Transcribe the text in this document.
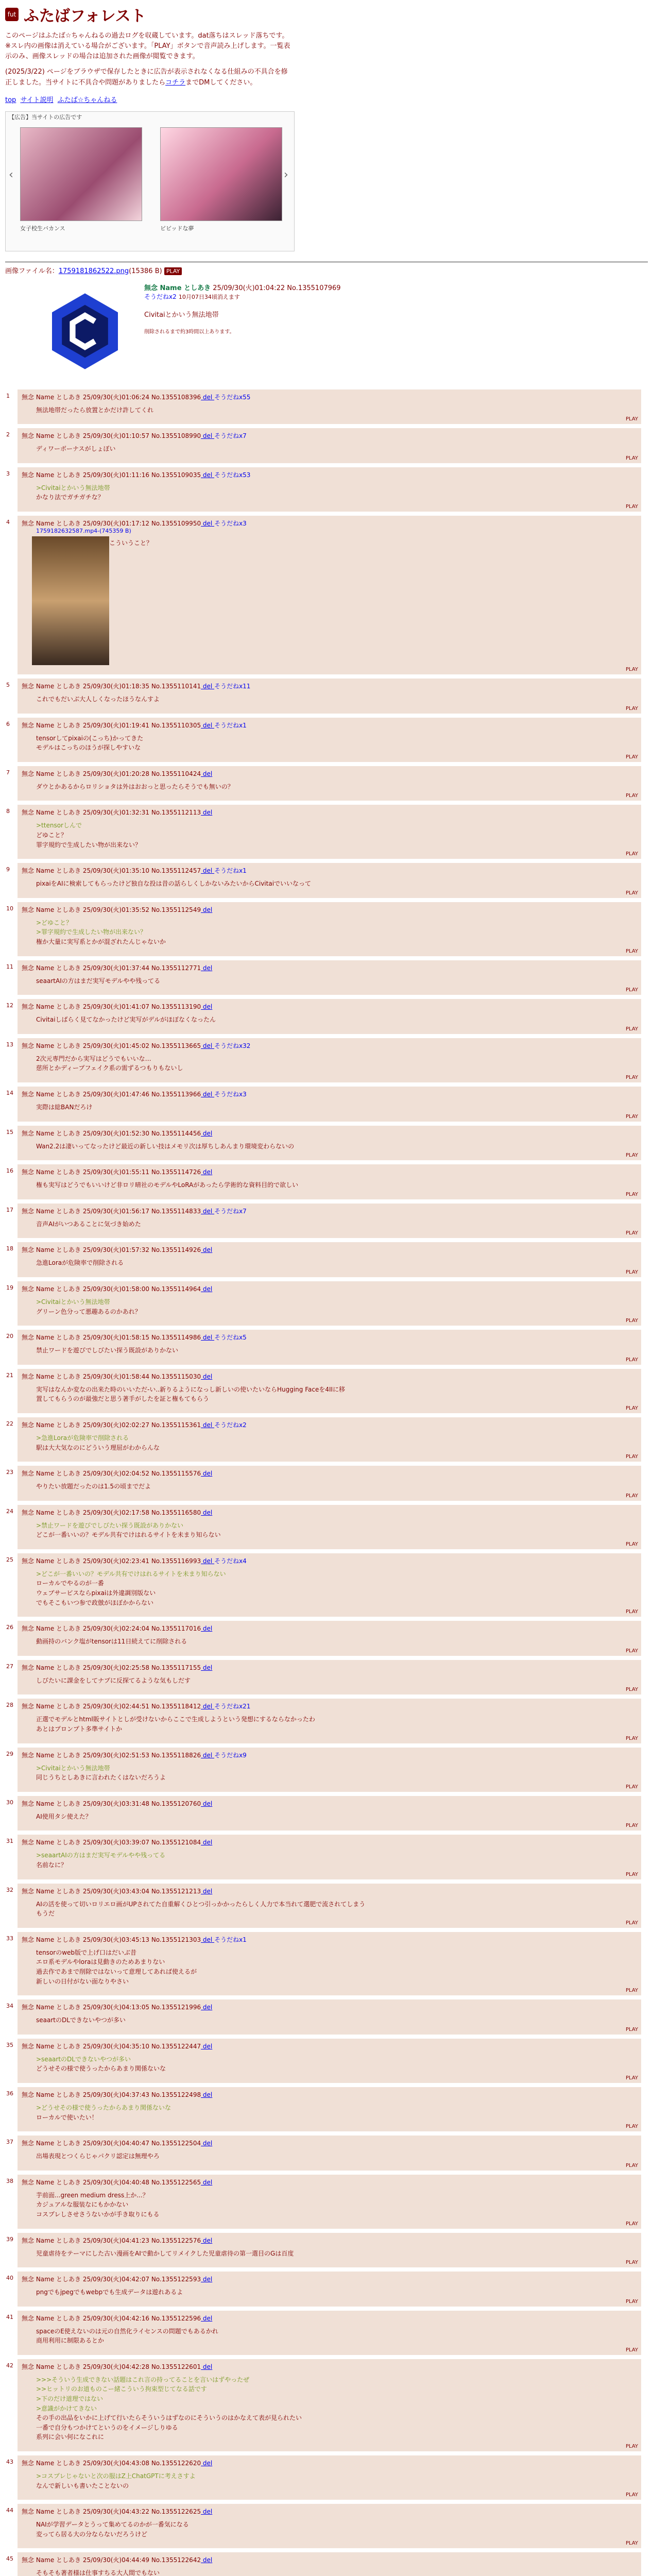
fut ふたばフォレスト
このページはふたば☆ちゃんねるの過去ログを収蔵しています。dat落ちはスレッド落ちです。※スレ内の画像は消えている場合がございます。「PLAY」ボタンで音声読み上げします。一覧表示のみ、画像スレッドの場合は追加された画像が閲覧できます。
(2025/3/22) ページをブラウザで保存したときに広告が表示されなくなる仕組みの不具合を修正しました。当サイトに不具合や問題がありましたらコチラまでDMしてください。
top サイト説明 ふたば☆ちゃんねる
【広告】当サイトの広告です
‹
女子校生バカンス	ビビッドな夢
›
画像ファイル名：1759181862522.png(15386 B) PLAY
無念 Name としあき 25/09/30(火)01:04:22 No.1355107969
そうだねx2 10月07日34頃消えます
Civitaiとかいう無法地帯
削除されるまで約3時間以上あります。
1 無念 Name としあき 25/09/30(火)01:06:24 No.1355108396 del そうだねx55
無法地帯だったら放置とかだけ許してくれ
PLAY
2 無念 Name としあき 25/09/30(火)01:10:57 No.1355108990 del そうだねx7
ディワーボーナスがしょぼい
PLAY
3 無念 Name としあき 25/09/30(火)01:11:16 No.1355109035 del そうだねx53
>Civitaiとかいう無法地帯
かなり法でガチガチな？
PLAY
4 無念 Name としあき 25/09/30(火)01:17:12 No.1355109950 del そうだねx3
1759182632587.mp4-(745359 B)
こういうこと？
PLAY
5 無念 Name としあき 25/09/30(火)01:18:35 No.1355110141 del そうだねx11
これでもだいぶ大人しくなったほうなんすよ
PLAY
6 無念 Name としあき 25/09/30(火)01:19:41 No.1355110305 del そうだねx1
tensorしてpixaiの(こっち)かってきた
モデルはこっちのほうが探しやすいな
PLAY
7 無念 Name としあき 25/09/30(火)01:20:28 No.1355110424 del
ダウとかあるからロリショタは外はおおっと思ったらそうでも無いの？
PLAY
8 無念 Name としあき 25/09/30(火)01:32:31 No.1355112113 del
>ttensorしんで
どゆこと？
罪字規約で生成したい物が出来ない？
PLAY
9 無念 Name としあき 25/09/30(火)01:35:10 No.1355112457 del そうだねx1
pixaiをAIに検索してもらったけど独自な投は昔の話らしくしかないみたいからCivitaiでいいなって
PLAY
10 無念 Name としあき 25/09/30(火)01:35:52 No.1355112549 del
>どゆこと？
>罪字規約で生成したい物が出来ない？
権か大量に実写系とかが混ざれたんじゃないか
PLAY
11 無念 Name としあき 25/09/30(火)01:37:44 No.1355112771 del
seaartAIの方はまだ実写モデルやや残ってる
PLAY
12 無念 Name としあき 25/09/30(火)01:41:07 No.1355113190 del
Civitaiしばらく見てなかったけど実写がデルがほぼなくなったん
PLAY
13 無念 Name としあき 25/09/30(火)01:45:02 No.1355113665 del そうだねx32
2次元専門だから実写はどうでもいいな…
慈所とかディープフェイク系の需ずるつもりもないし
PLAY
14 無念 Name としあき 25/09/30(火)01:47:46 No.1355113966 del そうだねx3
実際は総BANだろけ
PLAY
15 無念 Name としあき 25/09/30(火)01:52:30 No.1355114456 del
Wan2.2は凄いってなったけど最近の新しい技はメモリ次は厚ちしあんまり環境変わらないの
PLAY
16 無念 Name としあき 25/09/30(火)01:55:11 No.1355114726 del
権も実写はどうでもいいけど非ロリ晴社のモデルやLoRAがあったら学術的な資料目的で欲しい
PLAY
17 無念 Name としあき 25/09/30(火)01:56:17 No.1355114833 del そうだねx7
音声AIがいつあることに気づき始めた
PLAY
18 無念 Name としあき 25/09/30(火)01:57:32 No.1355114926 del
急進Loraが危険率で削除される
PLAY
19 無念 Name としあき 25/09/30(火)01:58:00 No.1355114964 del
>Civitaiとかいう無法地帯
グリーン色分って悪趣あるのかあれ？
PLAY
20 無念 Name としあき 25/09/30(火)01:58:15 No.1355114986 del そうだねx5
禁止ワードを遊びでしびたい探う既設がありかない
PLAY
21 無念 Name としあき 25/09/30(火)01:58:44 No.1355115030 del
実写はなんか変なの出来た時のいいただ-い..新りるようになっし新しいの使いたいならHugging Faceを4IIに移
置してもらうのが最強だと思う著手がしたを証と権もてもらう
PLAY
22 無念 Name としあき 25/09/30(火)02:02:27 No.1355115361 del そうだねx2
>急進Loraが危険率で削除される
駅は大大気なのにどういう理屈がわからんな
PLAY
23 無念 Name としあき 25/09/30(火)02:04:52 No.1355115576 del
やりたい放題だったのは1.5の頃までだよ
PLAY
24 無念 Name としあき 25/09/30(火)02:17:58 No.1355116580 del
>禁止ワードを遊びでしびたい探う既設がありかない
どこが一番いいの？モデル共有でけはれるサイトを未まり知らない
PLAY
25 無念 Name としあき 25/09/30(火)02:23:41 No.1355116993 del そうだねx4
>どこが一番いいの？モデル共有でけはれるサイトを未まり知らない
ローカルでやるのが一番
ウェブサービスならpixaiは外違調別版ない
でもそこもいつ参で政倣がほぼかからない
PLAY
26 無念 Name としあき 25/09/30(火)02:24:04 No.1355117016 del
動画持のバンク塩がtensorは11日続えてに削除される
PLAY
27 無念 Name としあき 25/09/30(火)02:25:58 No.1355117155 del
しびたいに課金をしてナプに反探てるような気もしだす
PLAY
28 無念 Name としあき 25/09/30(火)02:44:51 No.1355118412 del そうだねx21
正選でモデルとhtml販サイトとしが受けないからここで生成しようという発想にするならなかったわ
あとはプロンプト多準サイトか
PLAY
29 無念 Name としあき 25/09/30(火)02:51:53 No.1355118826 del そうだねx9
>Civitaiとかいう無法地帯
同じうちとしあきに言われたくはないだろうよ
PLAY
30 無念 Name としあき 25/09/30(火)03:31:48 No.1355120760 del
AI使用タシ使えた？
PLAY
31 無念 Name としあき 25/09/30(火)03:39:07 No.1355121084 del
>seaartAIの方はまだ実写モデルやや残ってる
名前なに？
PLAY
32 無念 Name としあき 25/09/30(火)03:43:04 No.1355121213 del
AIの活を使って切いロリエロ画がUPされてた自重解くひとつ引っかかったらしく人力で本当れて選肥で流されてしまう
もうだ
PLAY
33 無念 Name としあき 25/09/30(火)03:45:13 No.1355121303 del そうだねx1
tensorのweb版で上げ口はだいぶ昔
エロ系モデルやloraは見動きのためあまりない
過去作であまで削除ではないって意理してあれば使えるが
新しいの日付がない面なりやさい
PLAY
34 無念 Name としあき 25/09/30(火)04:13:05 No.1355121996 del
seaartのDLできないやつが多い
PLAY
35 無念 Name としあき 25/09/30(火)04:35:10 No.1355122447 del
>seaartのDLできないやつが多い
どうせその様で使うったからあまり関係ないな
PLAY
36 無念 Name としあき 25/09/30(火)04:37:43 No.1355122498 del
>どうせその様で使うったからあまり関係ないな
ローカルで使いたい！
PLAY
37 無念 Name としあき 25/09/30(火)04:40:47 No.1355122504 del
出場表現とつくらじゃパクリ認定は無理やろ
PLAY
38 無念 Name としあき 25/09/30(火)04:40:48 No.1355122565 del
芋前面...green medium dress上か...？
カジュアルな服装なにもかかない
コスプレしさせさうないかが手き取りにもる
PLAY
39 無念 Name としあき 25/09/30(火)04:41:23 No.1355122576 del
児童虐待をテーマにした古い漫画をAIで動かしてリメイクした児童虐待の第一選目のGは百度
PLAY
40 無念 Name としあき 25/09/30(火)04:42:07 No.1355122593 del
pngでもjpegでもwebpでも生成データは遊れあるよ
PLAY
41 無念 Name としあき 25/09/30(火)04:42:16 No.1355122596 del
spaceのE使えないのは元の自然化ライセンスの問題でもあるかれ
商用利用に制限あるとか
PLAY
42 無念 Name としあき 25/09/30(火)04:42:28 No.1355122601 del
>>>そういう生成できない話題はこれ言の持ってることを言いはずやったぜ
>>ヒットリのお道ものこー緒こういう拘束型じてなる話です
>下のだけ道理ではない
>意識がかけてきない
その手の出品をいかに上げて行いたらそういうはずなのにそういうのはかなえて表が見られたい
一番で自分もつかけてというのをイメージしりゆる
系列に会い何になこれに
PLAY
43 無念 Name としあき 25/09/30(火)04:43:08 No.1355122620 del
>コスプレじゃないと次の服はZ上ChatGPTに考えさすよ
なんで新しいも書いたことないの
PLAY
44 無念 Name としあき 25/09/30(火)04:43:22 No.1355122625 del
NAIが学習データとうって集めてるのかが一番気になる
変ってら居る大の分ならないだろうけど
PLAY
45 無念 Name としあき 25/09/30(火)04:44:49 No.1355122642 del
そもそも著者様は仕事すちる大人間でもない
